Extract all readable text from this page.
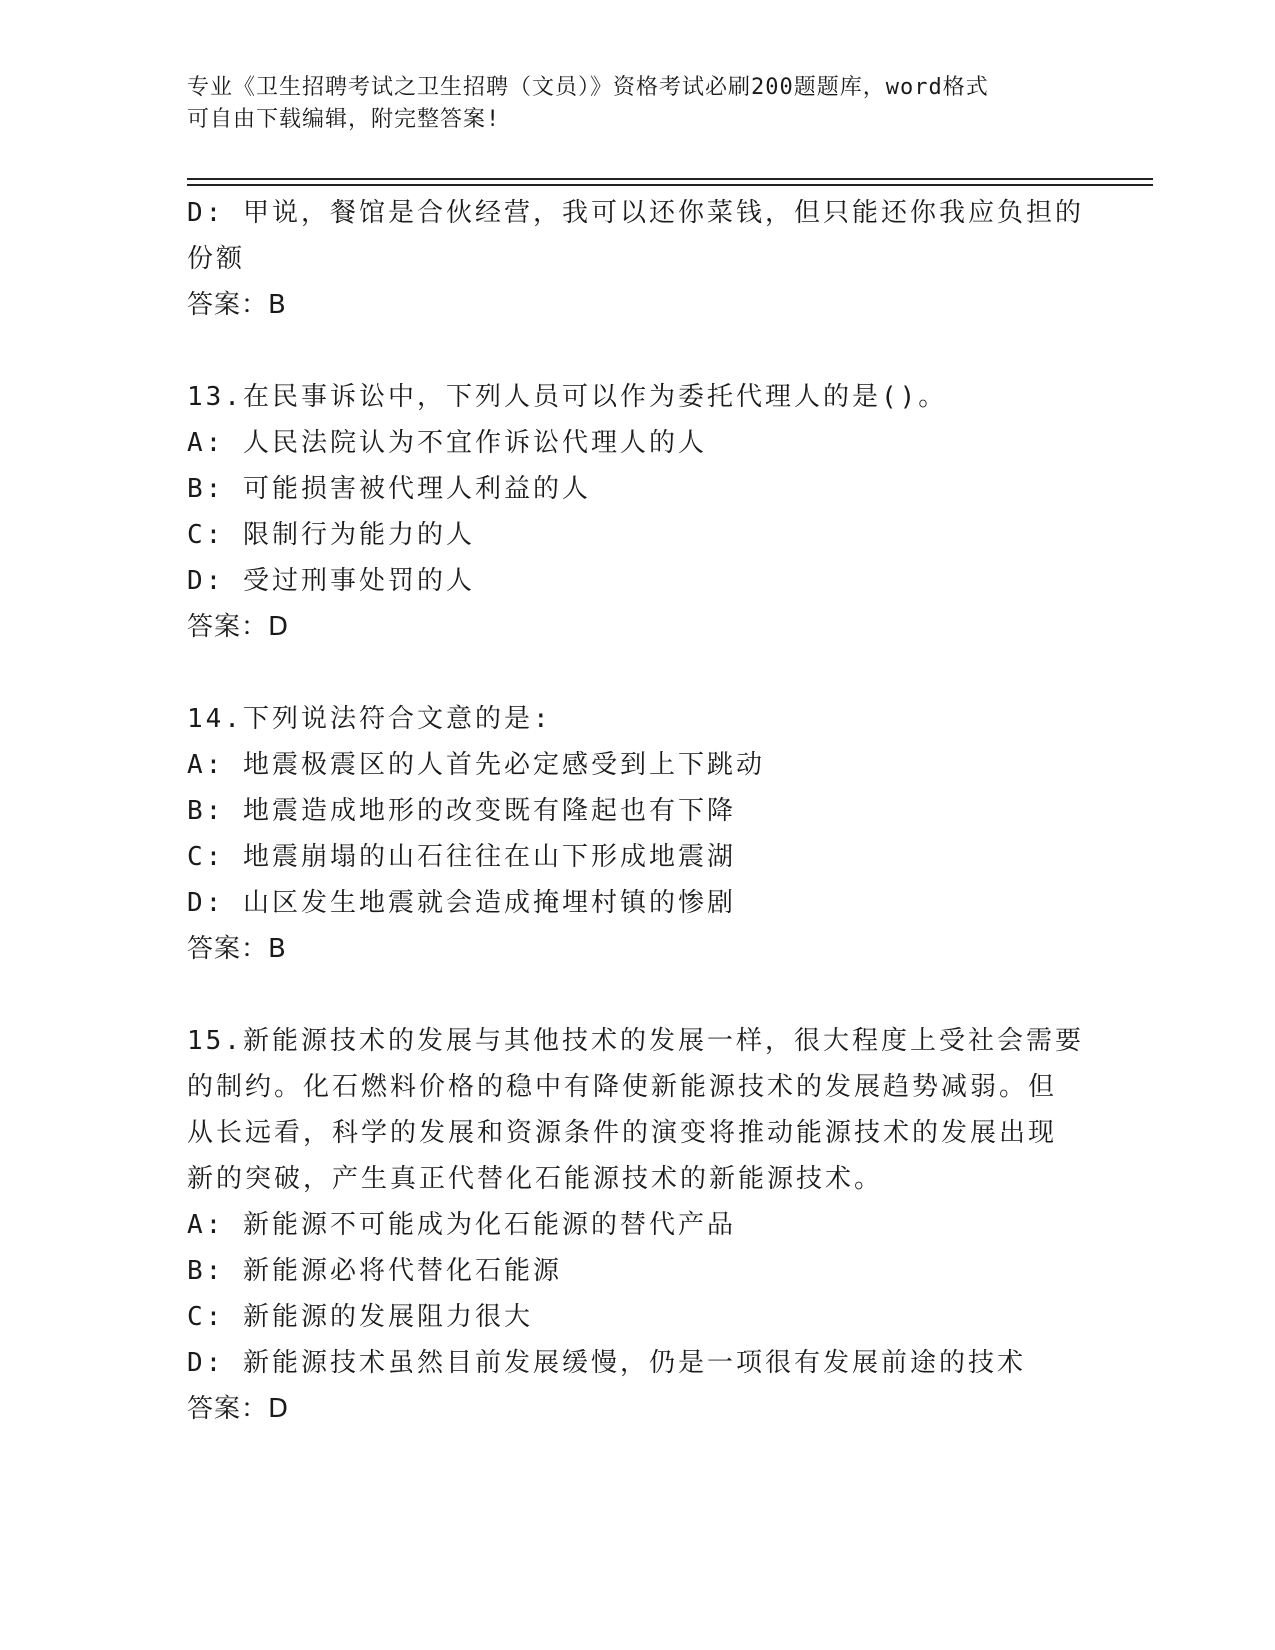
专业《卫生招聘考试之卫生招聘（文员）》资格考试必刷200题题库，word格式
可自由下载编辑，附完整答案!
D: 甲说，餐馆是合伙经营，我可以还你菜钱，但只能还你我应负担的
份额
答案：B
13.在民事诉讼中，下列人员可以作为委托代理人的是()。
A: 人民法院认为不宜作诉讼代理人的人
B: 可能损害被代理人利益的人
C: 限制行为能力的人
D: 受过刑事处罚的人
答案：D
14.下列说法符合文意的是:
A: 地震极震区的人首先必定感受到上下跳动
B: 地震造成地形的改变既有隆起也有下降
C: 地震崩塌的山石往往在山下形成地震湖
D: 山区发生地震就会造成掩埋村镇的惨剧
答案：B
15.新能源技术的发展与其他技术的发展一样，很大程度上受社会需要
的制约。化石燃料价格的稳中有降使新能源技术的发展趋势减弱。但
从长远看，科学的发展和资源条件的演变将推动能源技术的发展出现
新的突破，产生真正代替化石能源技术的新能源技术。
A: 新能源不可能成为化石能源的替代产品
B: 新能源必将代替化石能源
C: 新能源的发展阻力很大
D: 新能源技术虽然目前发展缓慢，仍是一项很有发展前途的技术
答案：D
